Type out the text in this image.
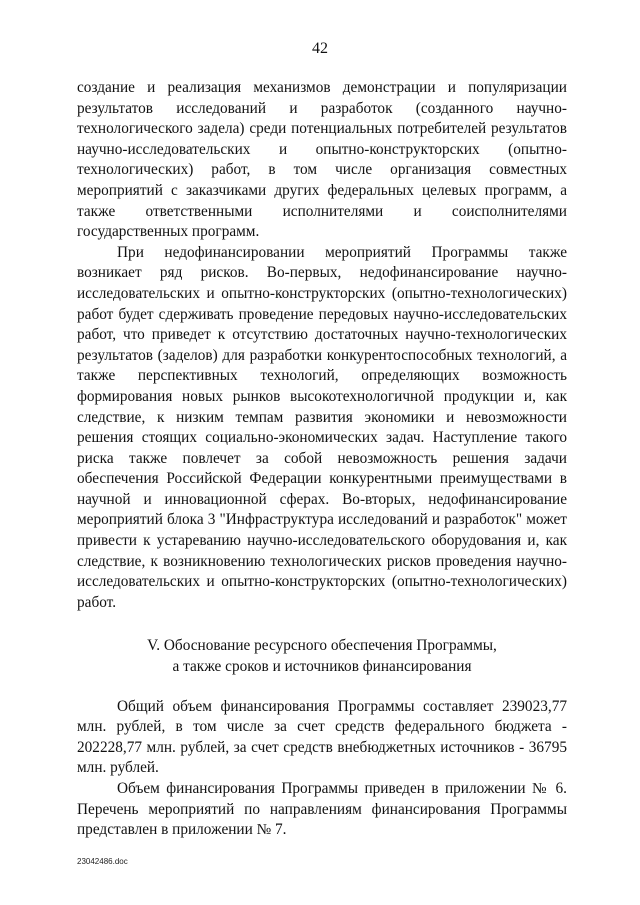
42

создание и реализация механизмов демонстрации и популяризации результатов исследований и разработок (созданного научно-технологического задела) среди потенциальных потребителей результатов научно-исследовательских и опытно-конструкторских (опытно-технологических) работ, в том числе организация совместных мероприятий с заказчиками других федеральных целевых программ, а также ответственными исполнителями и соисполнителями государственных программ.

При недофинансировании мероприятий Программы также возникает ряд рисков. Во-первых, недофинансирование научно-исследовательских и опытно-конструкторских (опытно-технологических) работ будет сдерживать проведение передовых научно-исследовательских работ, что приведет к отсутствию достаточных научно-технологических результатов (заделов) для разработки конкурентоспособных технологий, а также перспективных технологий, определяющих возможность формирования новых рынков высокотехнологичной продукции и, как следствие, к низким темпам развития экономики и невозможности решения стоящих социально-экономических задач. Наступление такого риска также повлечет за собой невозможность решения задачи обеспечения Российской Федерации конкурентными преимуществами в научной и инновационной сферах. Во-вторых, недофинансирование мероприятий блока 3 "Инфраструктура исследований и разработок" может привести к устареванию научно-исследовательского оборудования и, как следствие, к возникновению технологических рисков проведения научно-исследовательских и опытно-конструкторских (опытно-технологических) работ.

V. Обоснование ресурсного обеспечения Программы,

а также сроков и источников финансирования

Общий объем финансирования Программы составляет 239023,77 млн. рублей, в том числе за счет средств федерального бюджета - 202228,77 млн. рублей, за счет средств внебюджетных источников - 36795 млн. рублей.

Объем финансирования Программы приведен в приложении № 6. Перечень мероприятий по направлениям финансирования Программы представлен в приложении № 7.

23042486.doc
